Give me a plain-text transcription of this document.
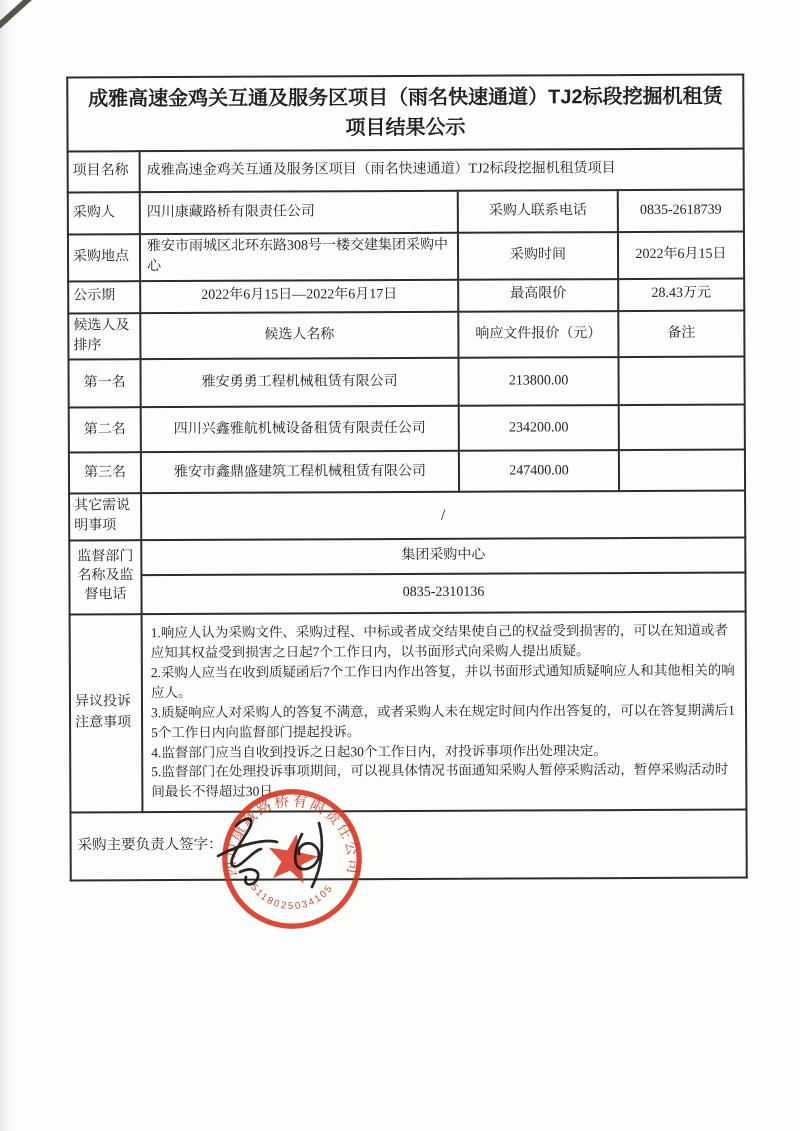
成雅高速金鸡关互通及服务区项目（雨名快速通道）TJ2标段挖掘机租赁项目结果公示			
项目名称	成雅高速金鸡关互通及服务区项目（雨名快速通道）TJ2标段挖掘机租赁项目		
采购人	四川康藏路桥有限责任公司	采购人联系电话	0835-2618739
采购地点	雅安市雨城区北环东路308号一楼交建集团采购中心	采购时间	2022年6月15日
公示期	2022年6月15日—2022年6月17日	最高限价	28.43万元
候选人及排序	候选人名称	响应文件报价（元）	备注
第一名	雅安勇勇工程机械租赁有限公司	213800.00	
第二名	四川兴鑫雅航机械设备租赁有限责任公司	234200.00	
第三名	雅安市鑫鼎盛建筑工程机械租赁有限公司	247400.00	
其它需说明事项	/		
监督部门名称及监督电话	集团采购中心		
	0835-2310136		
异议投诉注意事项	1.响应人认为采购文件、采购过程、中标或者成交结果使自己的权益受到损害的，可以在知道或者应知其权益受到损害之日起7个工作日内，以书面形式向采购人提出质疑。
2.采购人应当在收到质疑函后7个工作日内作出答复，并以书面形式通知质疑响应人和其他相关的响应人。
3.质疑响应人对采购人的答复不满意，或者采购人未在规定时间内作出答复的，可以在答复期满后15个工作日内向监督部门提起投诉。
4.监督部门应当自收到投诉之日起30个工作日内，对投诉事项作出处理决定。
5.监督部门在处理投诉事项期间，可以视具体情况书面通知采购人暂停采购活动，暂停采购活动时间最长不得超过30日。		

采购主要负责人签字：			
四川康藏路桥有限责任公司
5118025034105
